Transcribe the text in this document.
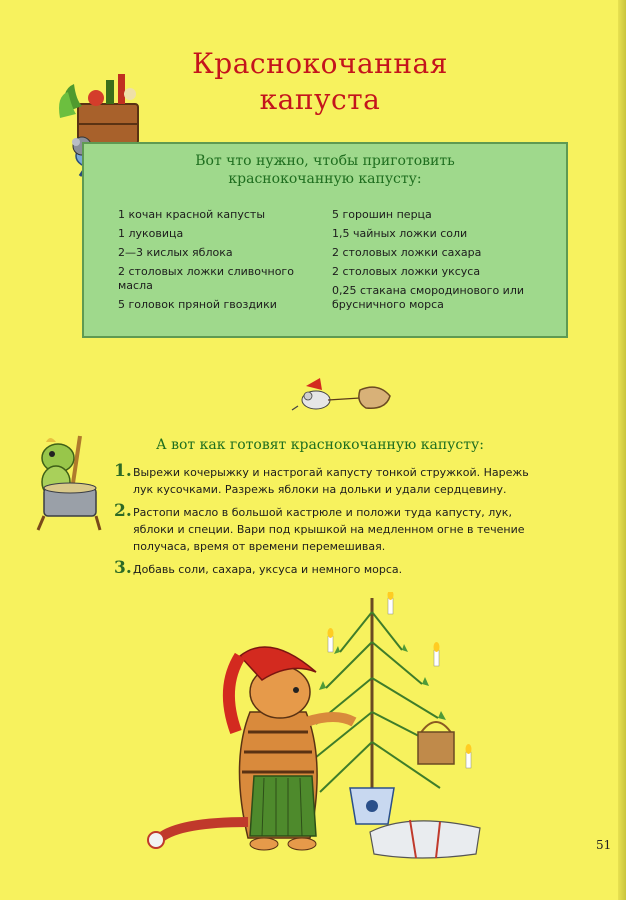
Краснокочанная
капуста
Вот что нужно, чтобы приготовить
краснокочанную капусту:
1 кочан красной капусты
1 луковица
2—3 кислых яблока
2 столовых ложки сливочного масла
5 головок пряной гвоздики
5 горошин перца
1,5 чайных ложки соли
2 столовых ложки сахара
2 столовых ложки уксуса
0,25 стакана смородинового или брусничного морса
А вот как готовят краснокочанную капусту:
1. Вырежи кочерыжку и настрогай капусту тонкой стружкой. Нарежь лук кусочками. Разрежь яблоки на дольки и удали сердцевину.
2. Растопи масло в большой кастрюле и положи туда капусту, лук, яблоки и специи. Вари под крышкой на медленном огне в течение получаса, время от времени перемешивая.
3. Добавь соли, сахара, уксуса и немного морса.
51
